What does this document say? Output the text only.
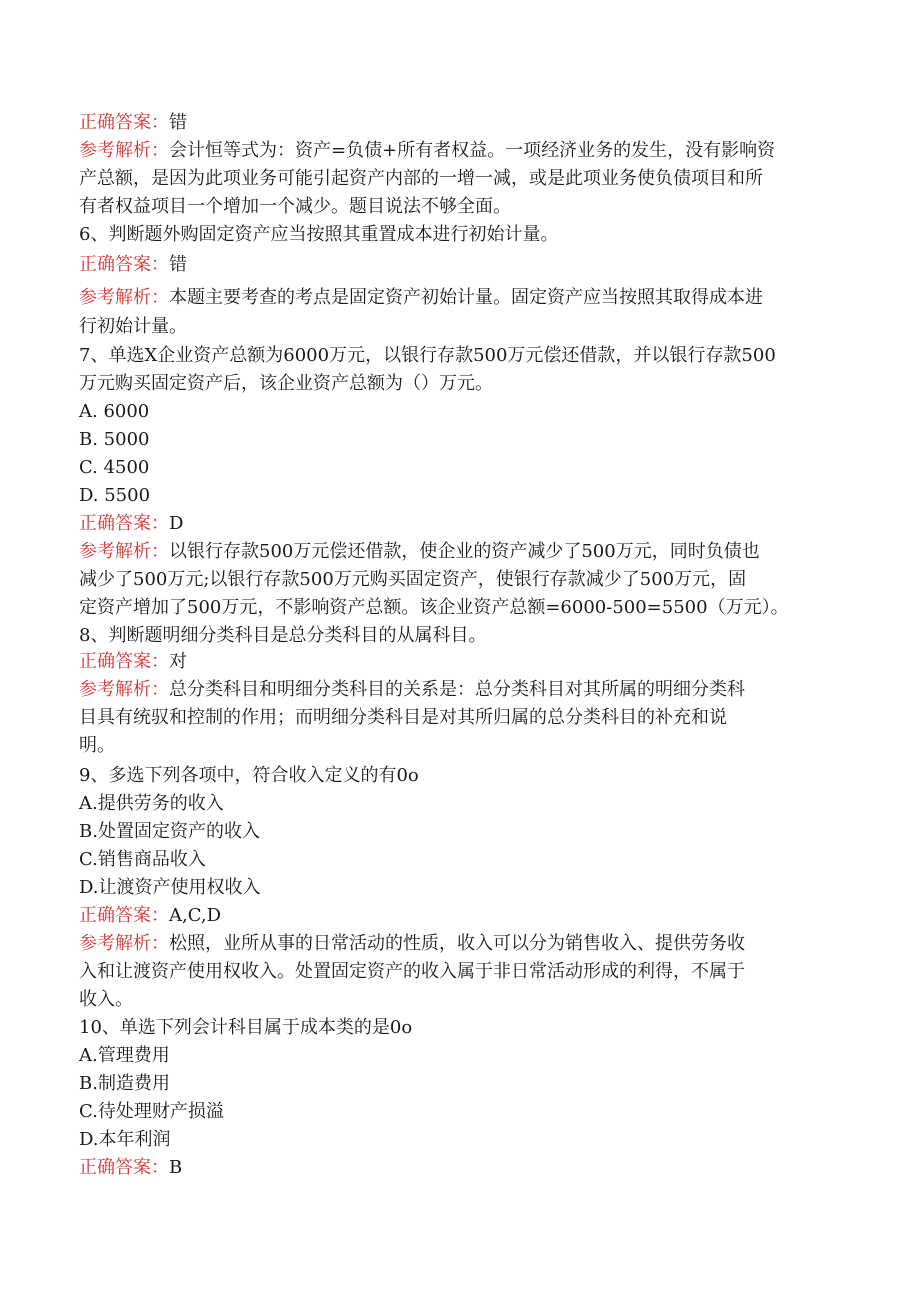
正确答案：错

参考解析：会计恒等式为：资产=负债+所有者权益。一项经济业务的发生，没有影响资

产总额，是因为此项业务可能引起资产内部的一增一减，或是此项业务使负债项目和所

有者权益项目一个增加一个减少。题目说法不够全面。

6、判断题外购固定资产应当按照其重置成本进行初始计量。

正确答案：错

参考解析：本题主要考查的考点是固定资产初始计量。固定资产应当按照其取得成本进

行初始计量。

7、单选X企业资产总额为6000万元，以银行存款500万元偿还借款，并以银行存款500

万元购买固定资产后，该企业资产总额为（）万元。

A. 6000

B. 5000

C. 4500

D. 5500

正确答案：D

参考解析：以银行存款500万元偿还借款，使企业的资产减少了500万元，同时负债也

减少了500万元;以银行存款500万元购买固定资产，使银行存款减少了500万元，固

定资产增加了500万元，不影响资产总额。该企业资产总额=6000-500=5500（万元）。

8、判断题明细分类科目是总分类科目的从属科目。

正确答案：对

参考解析：总分类科目和明细分类科目的关系是：总分类科目对其所属的明细分类科

目具有统驭和控制的作用；而明细分类科目是对其所归属的总分类科目的补充和说

明。

9、多选下列各项中，符合收入定义的有0o

A.提供劳务的收入

B.处置固定资产的收入

C.销售商品收入

D.让渡资产使用权收入

正确答案：A,C,D

参考解析：松照，业所从事的日常活动的性质，收入可以分为销售收入、提供劳务收

入和让渡资产使用权收入。处置固定资产的收入属于非日常活动形成的利得，不属于

收入。

10、单选下列会计科目属于成本类的是0o

A.管理费用

B.制造费用

C.待处理财产损溢

D.本年利润

正确答案：B
